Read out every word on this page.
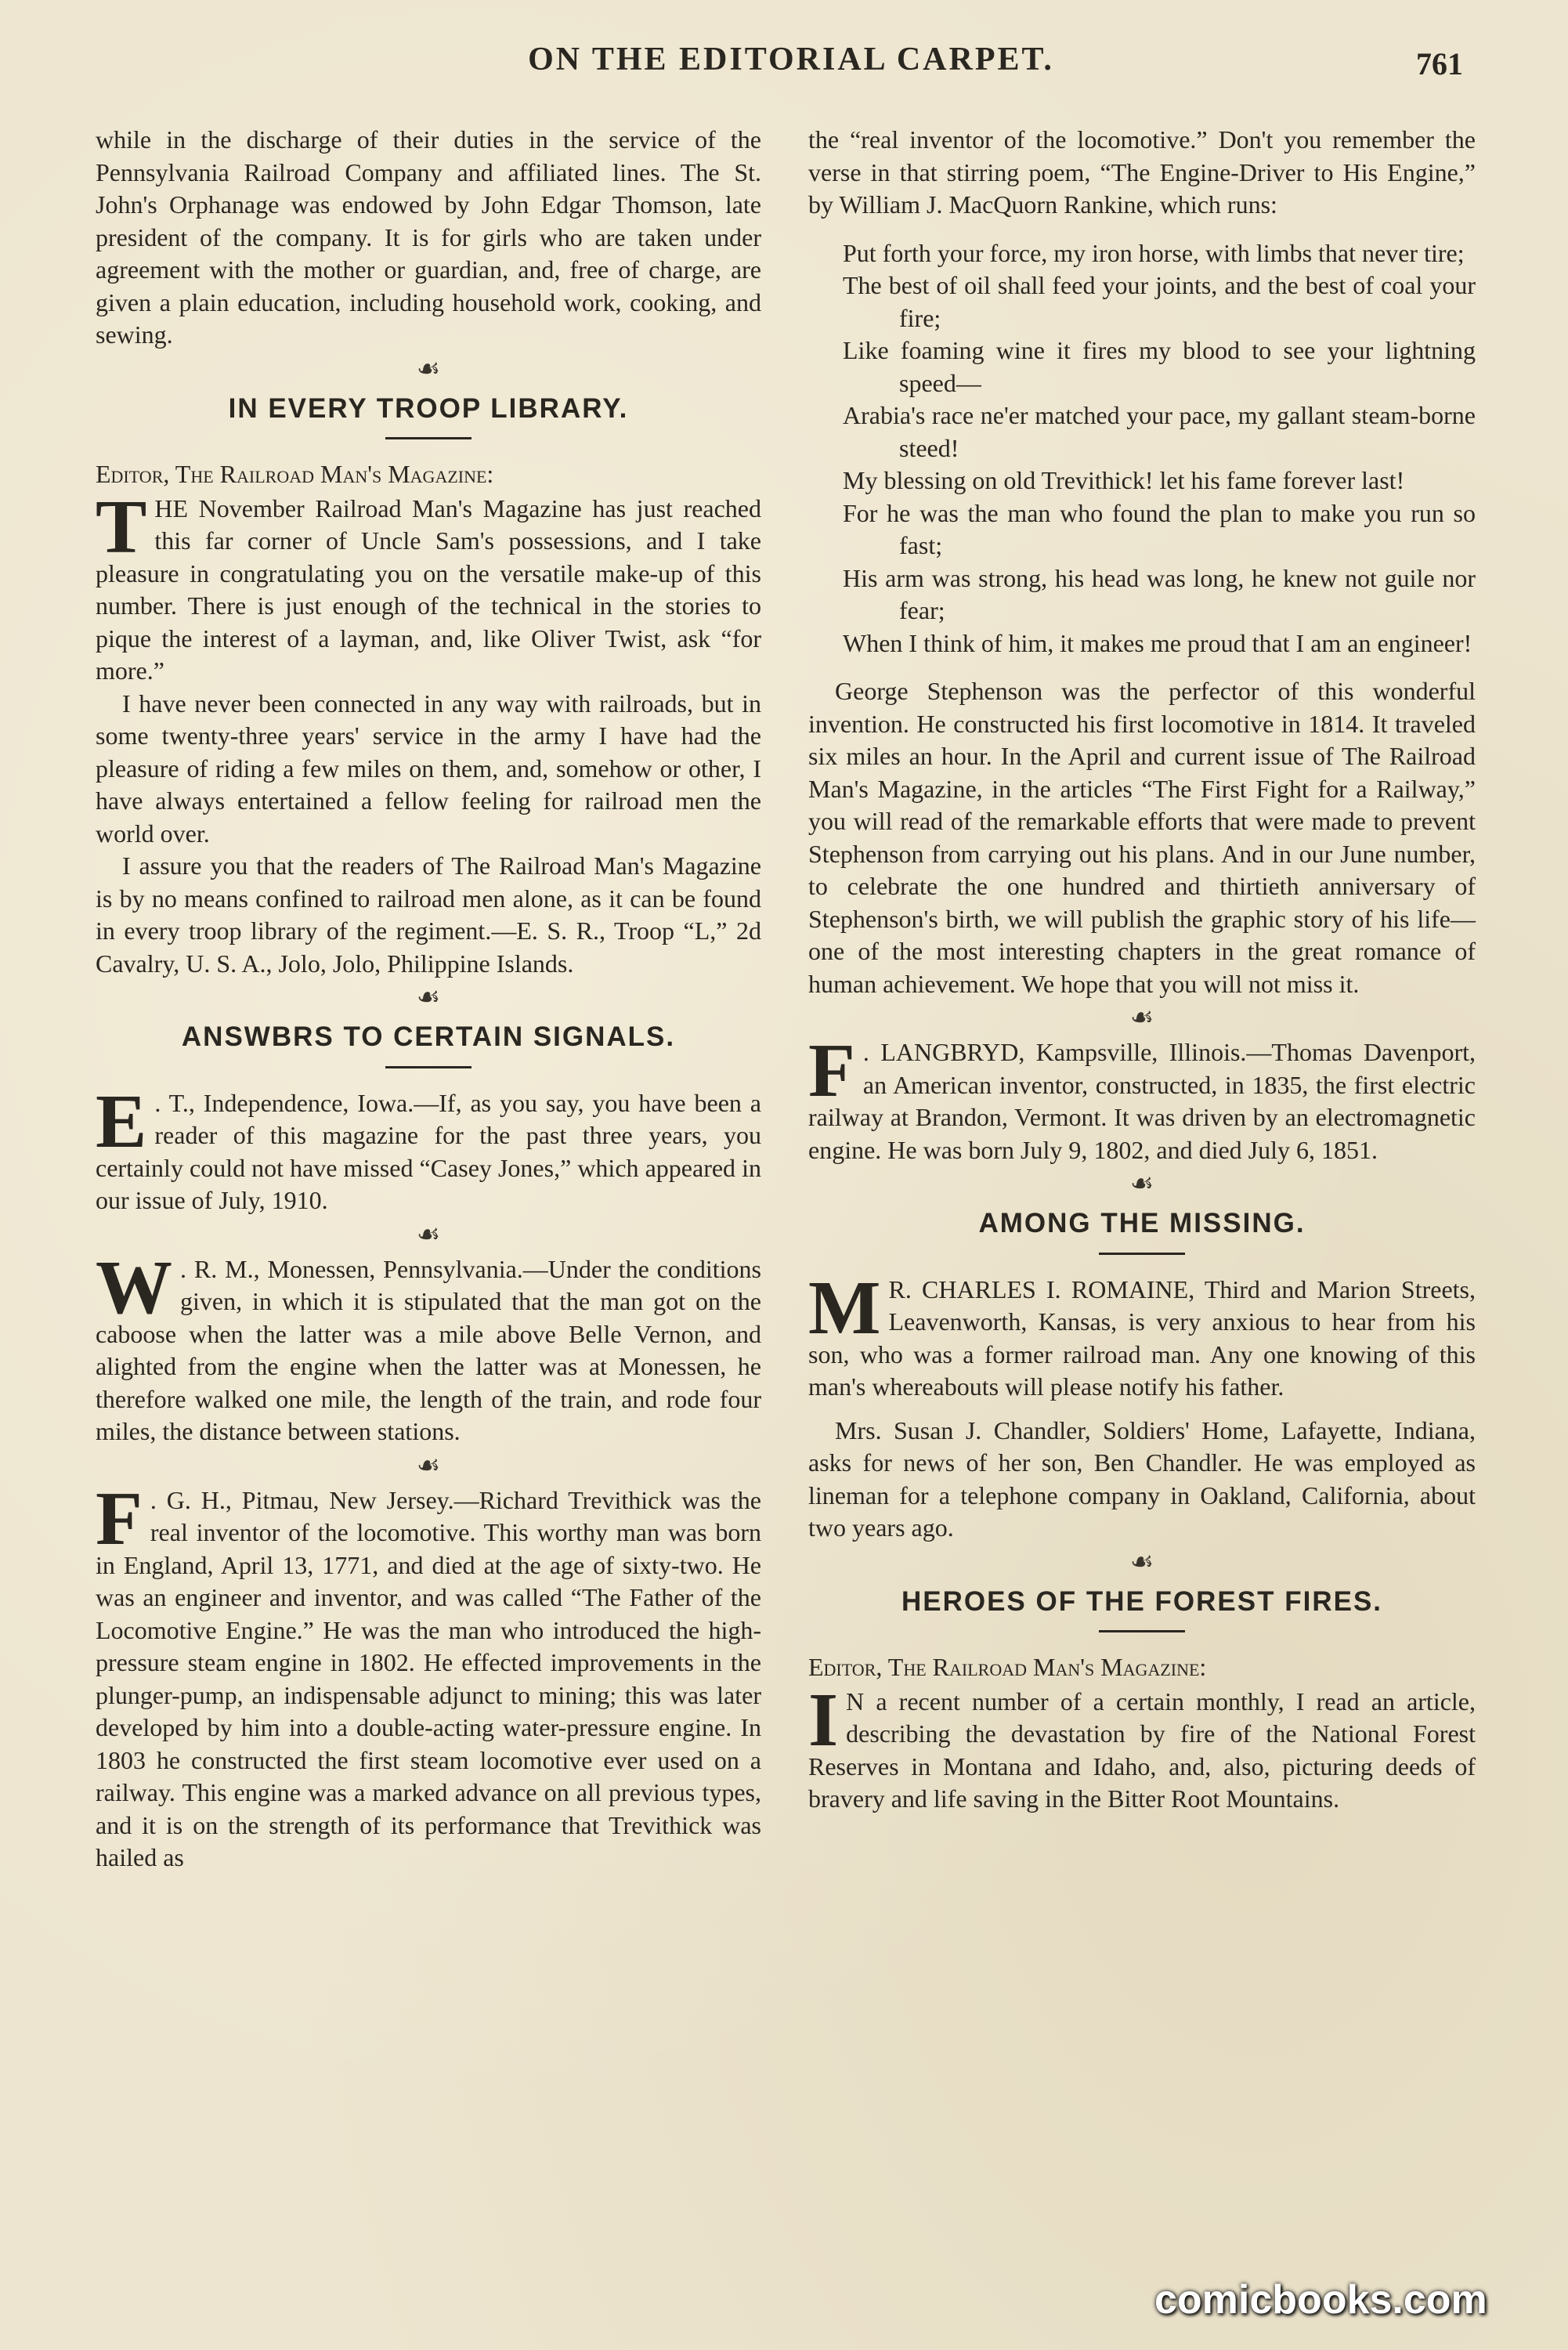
ON THE EDITORIAL CARPET.	761

while in the discharge of their duties in the service of the Pennsylvania Railroad Company and affiliated lines. The St. John's Orphanage was endowed by John Edgar Thomson, late president of the company. It is for girls who are taken under agreement with the mother or guardian, and, free of charge, are given a plain education, including household work, cooking, and sewing.

☙
IN EVERY TROOP LIBRARY.

Editor, The Railroad Man's Magazine:

T HE November Railroad Man's Magazine has just reached this far corner of Uncle Sam's possessions, and I take pleasure in congratulating you on the versatile make-up of this number. There is just enough of the technical in the stories to pique the interest of a layman, and, like Oliver Twist, ask “for more.”

I have never been connected in any way with railroads, but in some twenty-three years' service in the army I have had the pleasure of riding a few miles on them, and, somehow or other, I have always entertained a fellow feeling for railroad men the world over.

I assure you that the readers of The Railroad Man's Magazine is by no means confined to railroad men alone, as it can be found in every troop library of the regiment.—E. S. R., Troop “L,” 2d Cavalry, U. S. A., Jolo, Jolo, Philippine Islands.

☙
ANSWBRS TO CERTAIN SIGNALS.
E . T., Independence, Iowa.—If, as you say, you have been a reader of this magazine for the past three years, you certainly could not have missed “Casey Jones,” which appeared in our issue of July, 1910.

☙
W . R. M., Monessen, Pennsylvania.—Under the conditions given, in which it is stipulated that the man got on the caboose when the latter was a mile above Belle Vernon, and alighted from the engine when the latter was at Monessen, he therefore walked one mile, the length of the train, and rode four miles, the distance between stations.

☙
F . G. H., Pitmau, New Jersey.—Richard Trevithick was the real inventor of the locomotive. This worthy man was born in England, April 13, 1771, and died at the age of sixty-two. He was an engineer and inventor, and was called “The Father of the Locomotive Engine.” He was the man who introduced the high-pressure steam engine in 1802. He effected improvements in the plunger-pump, an indispensable adjunct to mining; this was later developed by him into a double-acting water-pressure engine. In 1803 he constructed the first steam locomotive ever used on a railway. This engine was a marked advance on all previous types, and it is on the strength of its performance that Trevithick was hailed as

the “real inventor of the locomotive.” Don't you remember the verse in that stirring poem, “The Engine-Driver to His Engine,” by William J. MacQuorn Rankine, which runs:

Put forth your force, my iron horse, with limbs that never tire;

The best of oil shall feed your joints, and the best of coal your fire;

Like foaming wine it fires my blood to see your lightning speed—

Arabia's race ne'er matched your pace, my gallant steam-borne steed!

My blessing on old Trevithick! let his fame forever last!

For he was the man who found the plan to make you run so fast;

His arm was strong, his head was long, he knew not guile nor fear;

When I think of him, it makes me proud that I am an engineer!

George Stephenson was the perfector of this wonderful invention. He constructed his first locomotive in 1814. It traveled six miles an hour. In the April and current issue of The Railroad Man's Magazine, in the articles “The First Fight for a Railway,” you will read of the remarkable efforts that were made to prevent Stephenson from carrying out his plans. And in our June number, to celebrate the one hundred and thirtieth anniversary of Stephenson's birth, we will publish the graphic story of his life—one of the most interesting chapters in the great romance of human achievement. We hope that you will not miss it.

☙
F . LANGBRYD, Kampsville, Illinois.—Thomas Davenport, an American inventor, constructed, in 1835, the first electric railway at Brandon, Vermont. It was driven by an electromagnetic engine. He was born July 9, 1802, and died July 6, 1851.

☙
AMONG THE MISSING.
M R. CHARLES I. ROMAINE, Third and Marion Streets, Leavenworth, Kansas, is very anxious to hear from his son, who was a former railroad man. Any one knowing of this man's whereabouts will please notify his father.

Mrs. Susan J. Chandler, Soldiers' Home, Lafayette, Indiana, asks for news of her son, Ben Chandler. He was employed as lineman for a telephone company in Oakland, California, about two years ago.

☙
HEROES OF THE FOREST FIRES.

Editor, The Railroad Man's Magazine:

I N a recent number of a certain monthly, I read an article, describing the devastation by fire of the National Forest Reserves in Montana and Idaho, and, also, picturing deeds of bravery and life saving in the Bitter Root Mountains.

comicbooks.com
